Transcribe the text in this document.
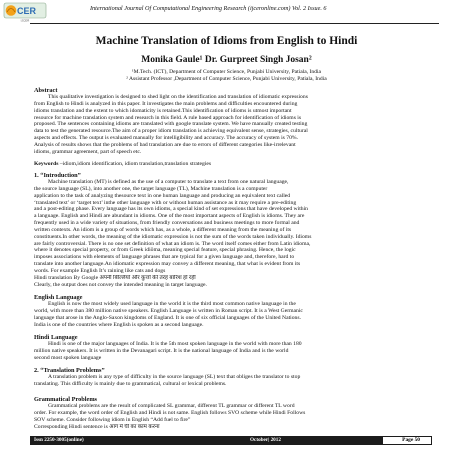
CER
IJCER
International Journal Of Computational Engineering Research (ijceronline.com) Vol. 2 Issue. 6
Machine Translation of Idioms from English to Hindi
Monika Gaule¹ Dr. Gurpreet Singh Josan²
¹M.Tech. (ICT), Department of Computer Science, Punjabi University, Patiala, India
² Assistant Professor ,Department of Computer Science, Punjabi University, Patiala, India
Abstract
This qualitative investigation is designed to shed light on the identification and translation of idiomatic expressions
from English to Hindi is analyzed in this paper. It investigates the main problems and difficulties encountered during
idioms translation and the extent to which idomaticity is retained.This identification of idioms is utmost important
resource for machine translation system and research in this field. A rule based approach for identification of idioms is
proposed. The sentences containing idioms are translated with google translate system. We have manually created testing
data to test the generated resource.The aim of a proper idiom translation is achieving equivalent sense, strategies, cultural
aspects and effects. The output is evaluated manually for intelligibility and accuracy. The accuracy of system is 70%.
Analysis of results shows that the problems of bad translation are due to errors of different categories like-irrelevant
idioms, grammar agreement, part of speech etc.
Keywords –idiom,idiom identification, idiom translation,translation strategies
1. “Introduction”
Machine translation (MT) is defined as the use of a computer to translate a text from one natural language,
the source language (SL), into another one, the target language (TL), Machine translation is a computer
application to the task of analyzing thesource text in one human language and producing an equivalent text called
‘translated text’ or ‘target text’ inthe other language with or without human assistance as it may require a pre-editing
and a post-editing phase. Every language has its own idioms, a special kind of set expressions that have developed within
a language. English and Hindi are abundant in idioms. One of the most important aspects of English is idioms. They are
frequently used in a wide variety of situations, from friendly conversations and business meetings to more formal and
written contexts. An idiom is a group of words which has, as a whole, a different meaning from the meaning of its
constituents.In other words, the meaning of the idiomatic expression is not the sum of the words taken individually. Idioms
are fairly controversial. There is no one set definition of what an idiom is. The word itself comes either from Latin idioma,
where it denotes special property, or from Greek idiōma, meaning special feature, special phrasing. Hence, the logic
imposes associations with elements of language phrases that are typical for a given language and, therefore, hard to
translate into another language.An idiomatic expression may convey a different meaning, that what is evident from its
words. For example English It’s raining like cats and dogs
Hindi translation By Google अपनी बिल्लियों और कुत्तों की तरह बारिश हो रही
Clearly, the output does not convey the intended meaning in target language.
English Language
English is now the most widely used language in the world it is the third most common native language in the
world, with more than 380 million native speakers. English Language is written in Roman script. It is a West Germanic
language that arose in the Anglo-Saxon kingdoms of England. It is one of six official languages of the United Nations.
India is one of the countries where English is spoken as a second language.
Hindi Language
Hindi is one of the major languages of India. It is the 5th most spoken language in the world with more than 180
million native speakers. It is written in the Devanagari script. It is the national language of India and is the world
second most spoken language
2. “Translation Problems”
A translation problem is any type of difficulty in the source language (SL) text that obliges the translator to stop
translating. This difficulty is mainly due to grammatical, cultural or lexical problems.
Grammatical Problems
Grammatical problems are the result of complicated SL grammar, different TL grammar or different TL word
order. For example, the word order of English and Hindi is not same. English follows SVO scheme while Hindi Follows
SOV scheme. Consider following idiom in English “Add fuel to fire”
Corresponding Hindi sentence is आग में घी का काम करना
Issn 2250-3005(online)	October| 2012	Page 50
